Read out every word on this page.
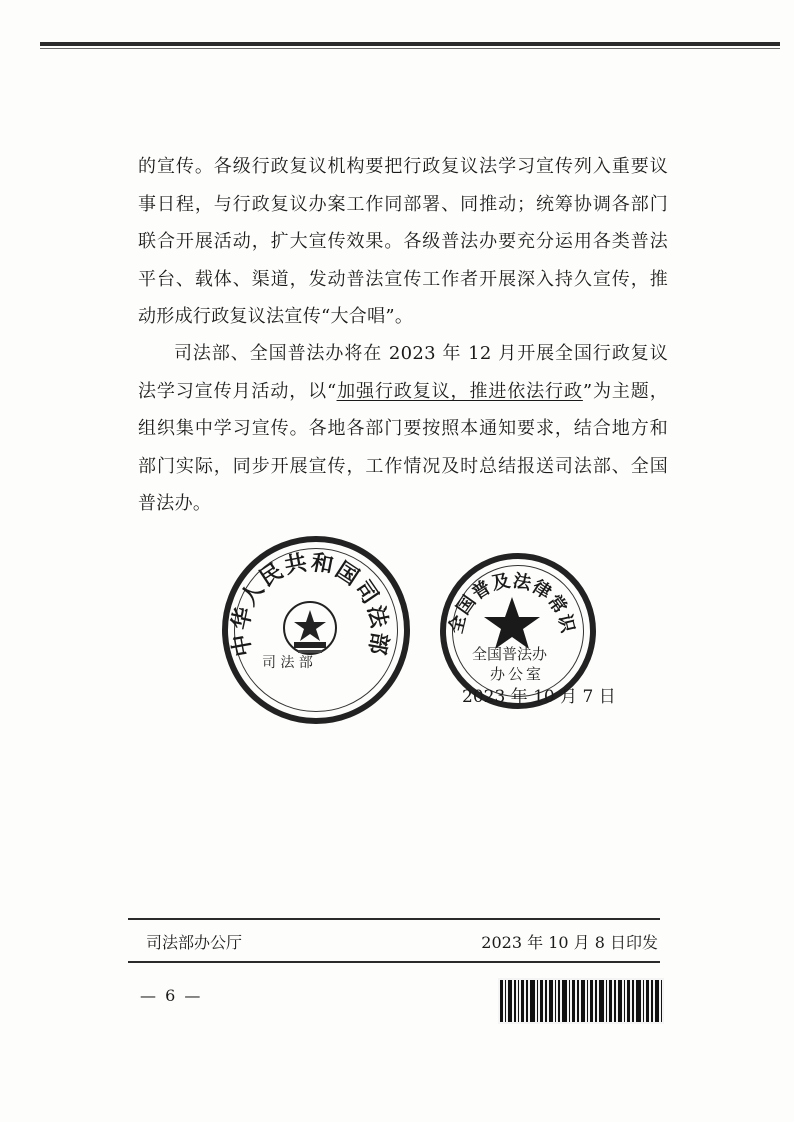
的宣传。各级行政复议机构要把行政复议法学习宣传列入重要议事日程，与行政复议办案工作同部署、同推动；统筹协调各部门联合开展活动，扩大宣传效果。各级普法办要充分运用各类普法平台、载体、渠道，发动普法宣传工作者开展深入持久宣传，推动形成行政复议法宣传“大合唱”。

司法部、全国普法办将在 2023 年 12 月开展全国行政复议法学习宣传月活动，以“加强行政复议，推进依法行政”为主题，组织集中学习宣传。各地各部门要按照本通知要求，结合地方和部门实际，同步开展宣传，工作情况及时总结报送司法部、全国普法办。

中华人民共和国司法部
司 法 部
全国普及法律常识
全国普法办
办公室
2023 年 10 月 7 日
司法部办公厅	2023 年 10 月 8 日印发
— 6 —
